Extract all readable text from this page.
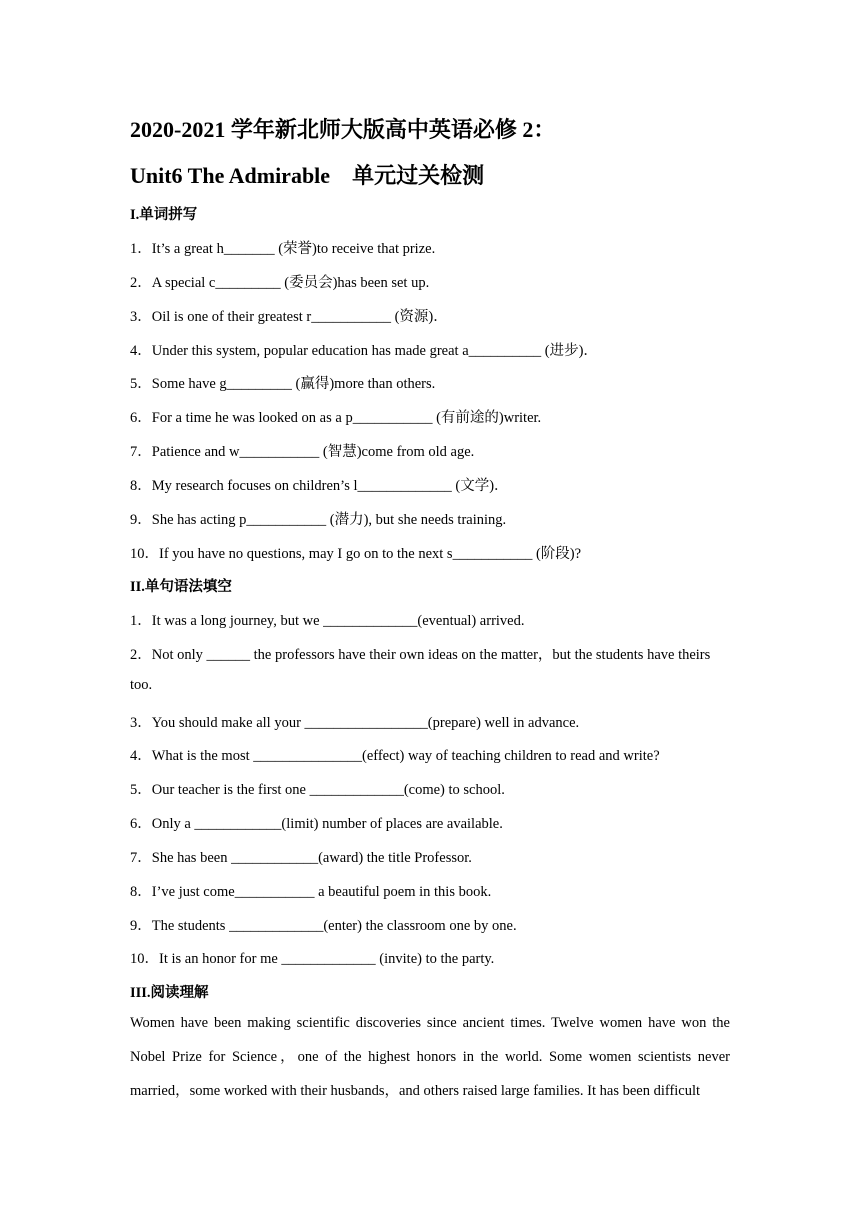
2020-2021 学年新北师大版高中英语必修 2：
Unit6 The Admirable　单元过关检测
I.单词拼写
1．It’s a great h_______ (荣誉)to receive that prize.
2．A special c_________ (委员会)has been set up.
3．Oil is one of their greatest r___________ (资源)．
4．Under this system, popular education has made great a__________ (进步)．
5．Some have g_________ (赢得)more than others.
6．For a time he was looked on as a p___________ (有前途的)writer.
7．Patience and w___________ (智慧)come from old age.
8．My research focuses on children’s l_____________ (文学)．
9．She has acting p___________ (潜力), but she needs training.
10．If you have no questions, may I go on to the next s___________ (阶段)?
II.单句语法填空
1．It was a long journey, but we _____________(eventual) arrived.
2．Not only ______ the professors have their own ideas on the matter，but the students have theirs
too.
3．You should make all your _________________(prepare) well in advance.
4．What is the most _______________(effect) way of teaching children to read and write?
5．Our teacher is the first one _____________(come) to school.
6．Only a ____________(limit) number of places are available.
7．She has been ____________(award) the title Professor.
8．I’ve just come___________ a beautiful poem in this book.
9．The students _____________(enter) the classroom one by one.
10．It is an honor for me _____________ (invite) to the party.
III.阅读理解
Women have been making scientific discoveries since ancient times. Twelve women have won the Nobel Prize for Science，one of the highest honors in the world. Some women scientists never married，some worked with their husbands，and others raised large families. It has been difficult
